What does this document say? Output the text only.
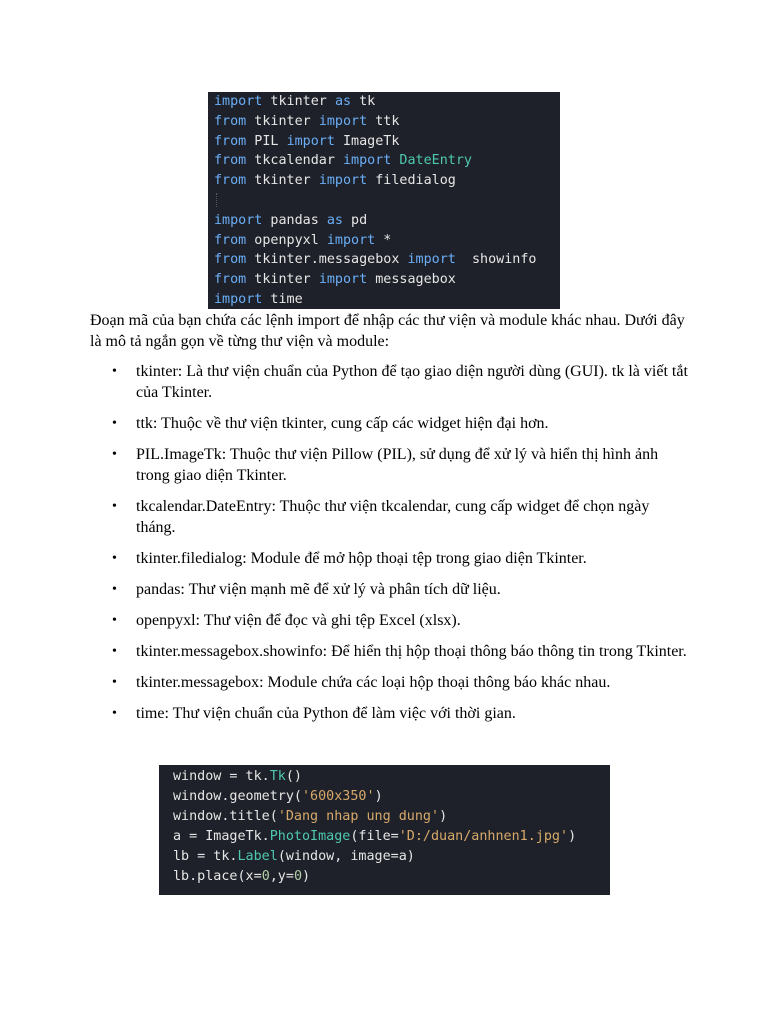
import tkinter as tk
from tkinter import ttk
from PIL import ImageTk
from tkcalendar import DateEntry
from tkinter import filedialog
import pandas as pd
from openpyxl import *
from tkinter.messagebox import  showinfo
from tkinter import messagebox
import time

Đoạn mã của bạn chứa các lệnh import để nhập các thư viện và module khác nhau. Dưới đây là mô tả ngắn gọn về từng thư viện và module:

• tkinter: Là thư viện chuẩn của Python để tạo giao diện người dùng (GUI). tk là viết tắt của Tkinter.
• ttk: Thuộc về thư viện tkinter, cung cấp các widget hiện đại hơn.
• PIL.ImageTk: Thuộc thư viện Pillow (PIL), sử dụng để xử lý và hiển thị hình ảnh trong giao diện Tkinter.
• tkcalendar.DateEntry: Thuộc thư viện tkcalendar, cung cấp widget để chọn ngày tháng.
• tkinter.filedialog: Module để mở hộp thoại tệp trong giao diện Tkinter.
• pandas: Thư viện mạnh mẽ để xử lý và phân tích dữ liệu.
• openpyxl: Thư viện để đọc và ghi tệp Excel (xlsx).
• tkinter.messagebox.showinfo: Để hiển thị hộp thoại thông báo thông tin trong Tkinter.
• tkinter.messagebox: Module chứa các loại hộp thoại thông báo khác nhau.
• time: Thư viện chuẩn của Python để làm việc với thời gian.
window = tk.Tk()
window.geometry('600x350')
window.title('Dang nhap ung dung')
a = ImageTk.PhotoImage(file='D:/duan/anhnen1.jpg')
lb = tk.Label(window, image=a)
lb.place(x=0,y=0)
